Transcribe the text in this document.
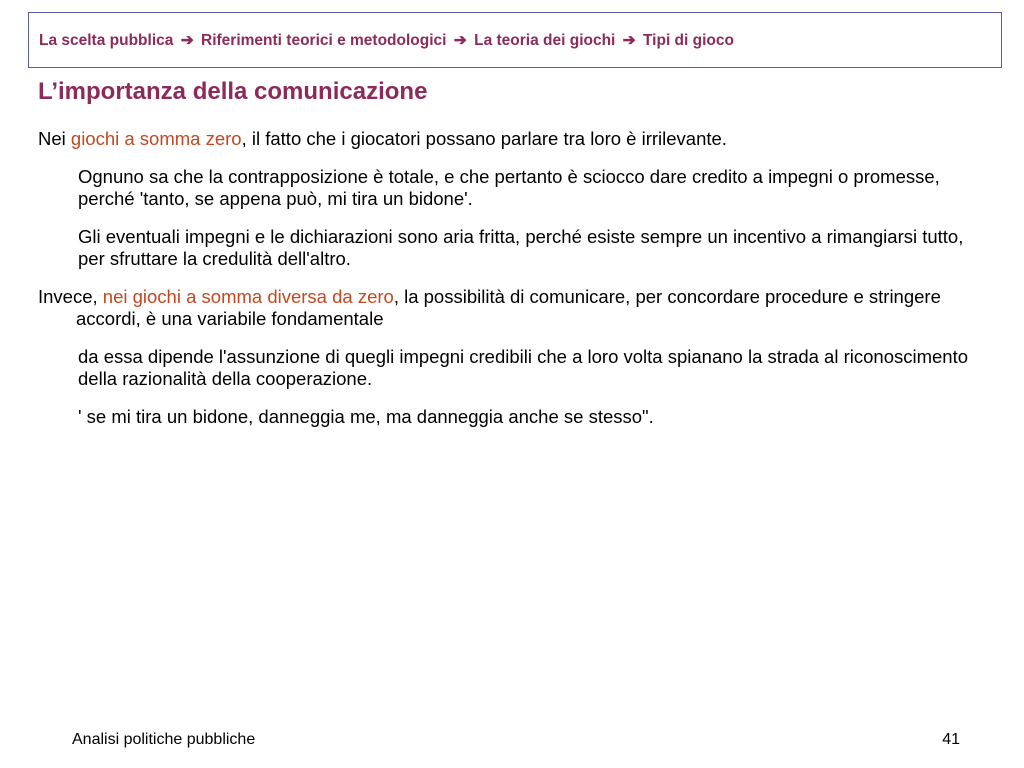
La scelta pubblica ➔ Riferimenti teorici e metodologici ➔ La teoria dei giochi ➔ Tipi di gioco
L’importanza della comunicazione

Nei giochi a somma zero, il fatto che i giocatori possano parlare tra loro è irrilevante.

Ognuno sa che la contrapposizione è totale, e che pertanto è sciocco dare credito a impegni o promesse, perché 'tanto, se appena può, mi tira un bidone'.

Gli eventuali impegni e le dichiarazioni sono aria fritta, perché esiste sempre un incentivo a rimangiarsi tutto, per sfruttare la credulità dell'altro.

Invece, nei giochi a somma diversa da zero, la possibilità di comunicare, per concordare procedure e stringere accordi, è una variabile fondamentale

da essa dipende l'assunzione di quegli impegni credibili che a loro volta spianano la strada al riconoscimento della razionalità della cooperazione.

' se mi tira un bidone, danneggia me, ma danneggia anche se stesso".

Analisi politiche pubbliche	41
